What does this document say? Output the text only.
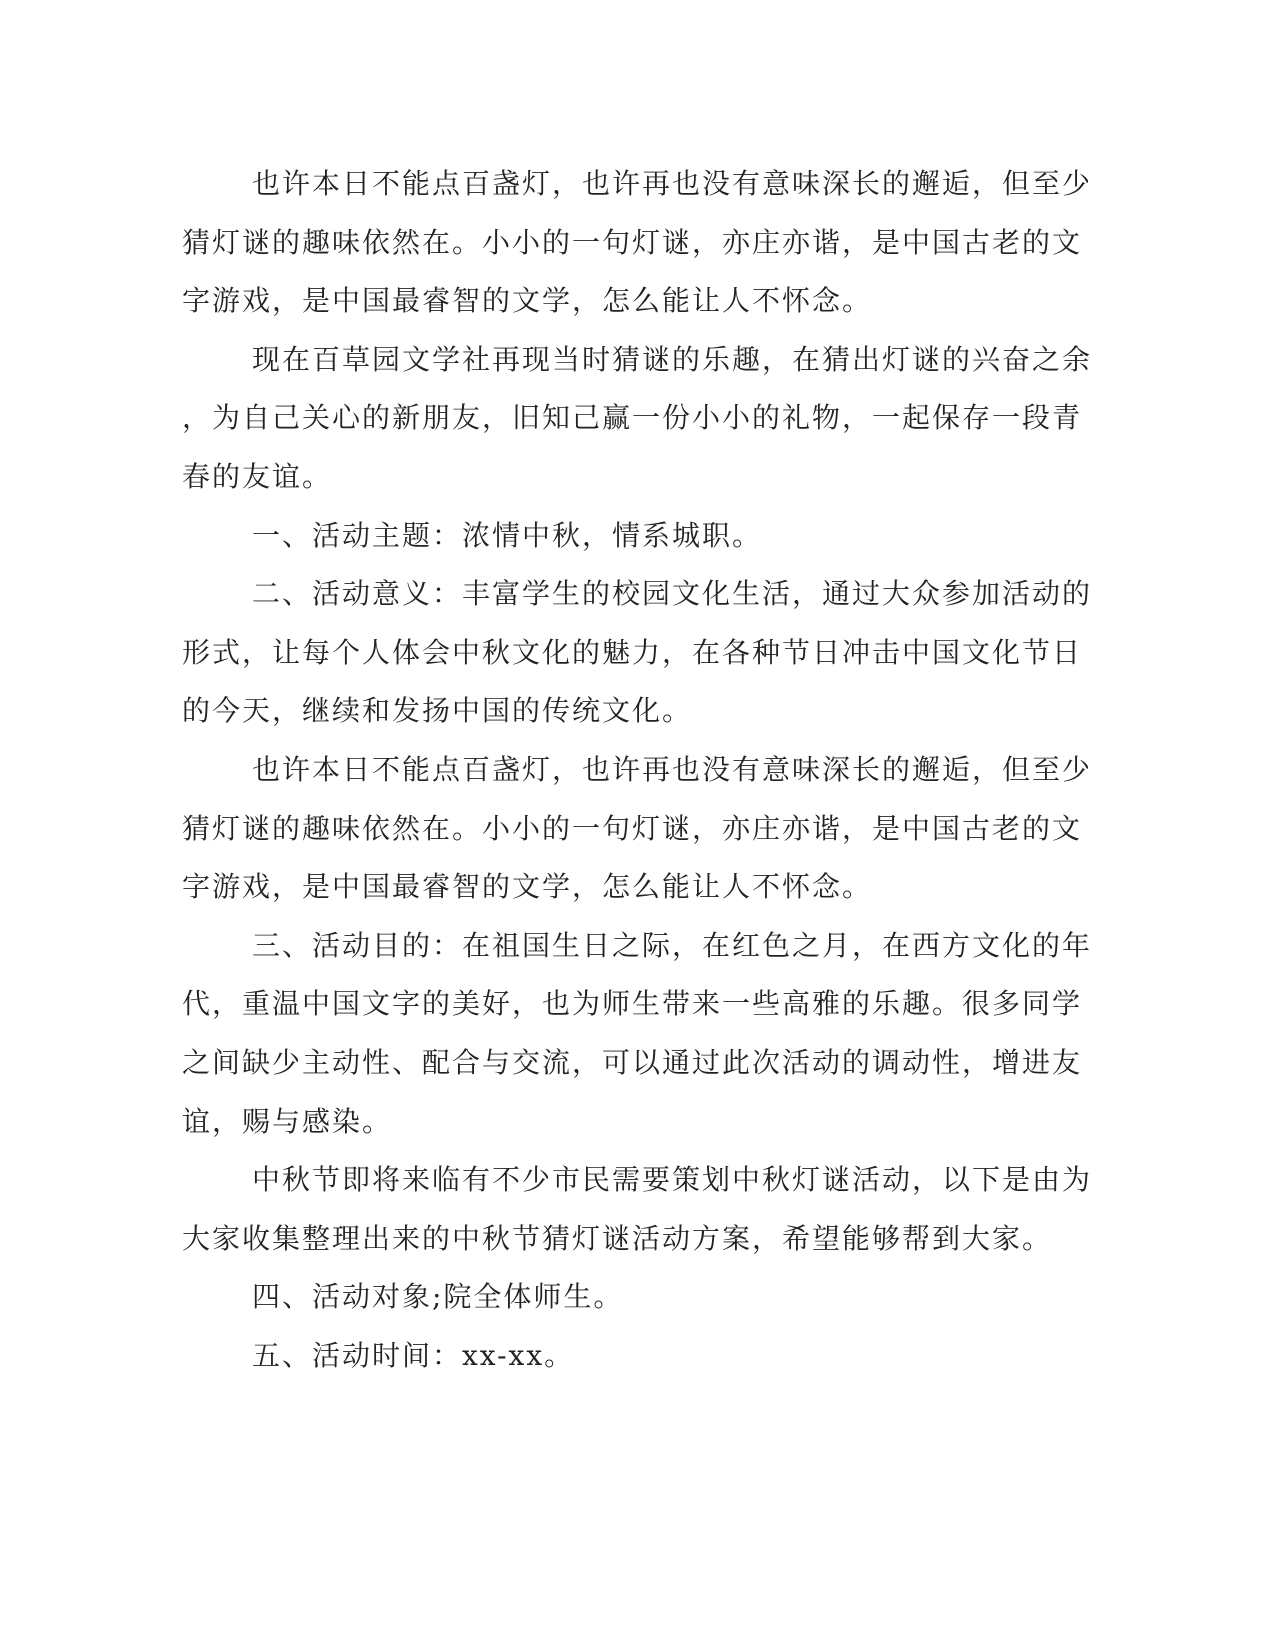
也许本日不能点百盏灯，也许再也没有意味深长的邂逅，但至少
猜灯谜的趣味依然在。小小的一句灯谜，亦庄亦谐，是中国古老的文
字游戏，是中国最睿智的文学，怎么能让人不怀念。
现在百草园文学社再现当时猜谜的乐趣，在猜出灯谜的兴奋之余
，为自己关心的新朋友，旧知己赢一份小小的礼物，一起保存一段青
春的友谊。
一、活动主题：浓情中秋，情系城职。
二、活动意义：丰富学生的校园文化生活，通过大众参加活动的
形式，让每个人体会中秋文化的魅力，在各种节日冲击中国文化节日
的今天，继续和发扬中国的传统文化。
也许本日不能点百盏灯，也许再也没有意味深长的邂逅，但至少
猜灯谜的趣味依然在。小小的一句灯谜，亦庄亦谐，是中国古老的文
字游戏，是中国最睿智的文学，怎么能让人不怀念。
三、活动目的：在祖国生日之际，在红色之月，在西方文化的年
代，重温中国文字的美好，也为师生带来一些高雅的乐趣。很多同学
之间缺少主动性、配合与交流，可以通过此次活动的调动性，增进友
谊，赐与感染。
中秋节即将来临有不少市民需要策划中秋灯谜活动，以下是由为
大家收集整理出来的中秋节猜灯谜活动方案，希望能够帮到大家。
四、活动对象;院全体师生。
五、活动时间：xx-xx。
